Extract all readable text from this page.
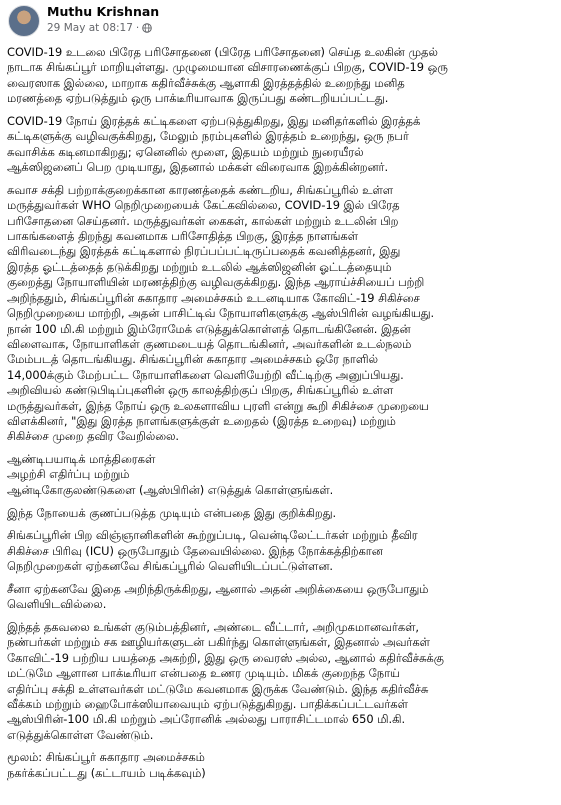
Muthu Krishnan
29 May at 08:17 ·

COVID-19 உடலை பிரேத பரிசோதனை (பிரேத பரிசோதனை) செய்த உலகின் முதல்
நாடாக சிங்கப்பூர் மாறியுள்ளது. முழுமையான விசாரணைக்குப் பிறகு, COVID-19 ஒரு
வைரஸாக இல்லை, மாறாக கதிர்வீச்சுக்கு ஆளாகி இரத்தத்தில் உறைந்து மனித
மரணத்தை ஏற்படுத்தும் ஒரு பாக்டீரியாவாக இருப்பது கண்டறியப்பட்டது.

COVID-19 நோய் இரத்தக் கட்டிகளை ஏற்படுத்துகிறது, இது மனிதர்களில் இரத்தக்
கட்டிகளுக்கு வழிவகுக்கிறது, மேலும் நரம்புகளில் இரத்தம் உறைந்து, ஒரு நபர்
சுவாசிக்க கடினமாகிறது; ஏனெனில் மூளை, இதயம் மற்றும் நுரையீரல்
ஆக்ஸிஜனைப் பெற முடியாது, இதனால் மக்கள் விரைவாக இறக்கின்றனர்.

சுவாச சக்தி பற்றாக்குறைக்கான காரணத்தைக் கண்டறிய, சிங்கப்பூரில் உள்ள
மருத்துவர்கள் WHO நெறிமுறையைக் கேட்கவில்லை, COVID-19 இல் பிரேத
பரிசோதனை செய்தனர். மருத்துவர்கள் கைகள், கால்கள் மற்றும் உடலின் பிற
பாகங்களைத் திறந்து கவனமாக பரிசோதித்த பிறகு, இரத்த நாளங்கள்
விரிவடைந்து இரத்தக் கட்டிகளால் நிரப்பப்பட்டிருப்பதைக் கவனித்தனர், இது
இரத்த ஓட்டத்தைத் தடுக்கிறது மற்றும் உடலில் ஆக்ஸிஜனின் ஓட்டத்தையும்
குறைத்து நோயாளியின் மரணத்திற்கு வழிவகுக்கிறது. இந்த ஆராய்ச்சியைப் பற்றி
அறிந்ததும், சிங்கப்பூரின் சுகாதார அமைச்சகம் உடனடியாக கோவிட்-19 சிகிச்சை
நெறிமுறையை மாற்றி, அதன் பாசிட்டிவ் நோயாளிகளுக்கு ஆஸ்பிரின் வழங்கியது.
நான் 100 மி.கி மற்றும் இம்ரோமேக் எடுத்துக்கொள்ளத் தொடங்கினேன். இதன்
விளைவாக, நோயாளிகள் குணமடையத் தொடங்கினர், அவர்களின் உடல்நலம்
மேம்படத் தொடங்கியது. சிங்கப்பூரின் சுகாதார அமைச்சகம் ஒரே நாளில்
14,000க்கும் மேற்பட்ட நோயாளிகளை வெளியேற்றி வீட்டிற்கு அனுப்பியது.
அறிவியல் கண்டுபிடிப்புகளின் ஒரு காலத்திற்குப் பிறகு, சிங்கப்பூரில் உள்ள
மருத்துவர்கள், இந்த நோய் ஒரு உலகளாவிய புரளி என்று கூறி சிகிச்சை முறையை
விளக்கினர், "இது இரத்த நாளங்களுக்குள் உறைதல் (இரத்த உறைவு) மற்றும்
சிகிச்சை முறை தவிர வேறில்லை.

ஆண்டிபயாடிக் மாத்திரைகள்
அழற்சி எதிர்ப்பு மற்றும்
ஆன்டிகோகுலண்டுகளை (ஆஸ்பிரின்) எடுத்துக் கொள்ளுங்கள்.

இந்த நோயைக் குணப்படுத்த முடியும் என்பதை இது குறிக்கிறது.

சிங்கப்பூரின் பிற விஞ்ஞானிகளின் கூற்றுப்படி, வென்டிலேட்டர்கள் மற்றும் தீவிர
சிகிச்சை பிரிவு (ICU) ஒருபோதும் தேவையில்லை. இந்த நோக்கத்திற்கான
நெறிமுறைகள் ஏற்கனவே சிங்கப்பூரில் வெளியிடப்பட்டுள்ளன.

சீனா ஏற்கனவே இதை அறிந்திருக்கிறது, ஆனால் அதன் அறிக்கையை ஒருபோதும்
வெளியிடவில்லை.

இந்தத் தகவலை உங்கள் குடும்பத்தினர், அண்டை வீட்டார், அறிமுகமானவர்கள்,
நண்பர்கள் மற்றும் சக ஊழியர்களுடன் பகிர்ந்து கொள்ளுங்கள், இதனால் அவர்கள்
கோவிட்-19 பற்றிய பயத்தை அகற்றி, இது ஒரு வைரஸ் அல்ல, ஆனால் கதிர்வீச்சுக்கு
மட்டுமே ஆளான பாக்டீரியா என்பதை உணர முடியும். மிகக் குறைந்த நோய்
எதிர்ப்பு சக்தி உள்ளவர்கள் மட்டுமே கவனமாக இருக்க வேண்டும். இந்த கதிர்வீச்சு
வீக்கம் மற்றும் ஹைபோக்ஸியாவையும் ஏற்படுத்துகிறது. பாதிக்கப்பட்டவர்கள்
ஆஸ்பிரின்-100 மி.கி மற்றும் அப்ரோனிக் அல்லது பாராசிட்டமால் 650 மி.கி.
எடுத்துக்கொள்ள வேண்டும்.

மூலம்: சிங்கப்பூர் சுகாதார அமைச்சகம்
நகர்க்கப்பட்டது (கட்டாயம் படிக்கவும்)
